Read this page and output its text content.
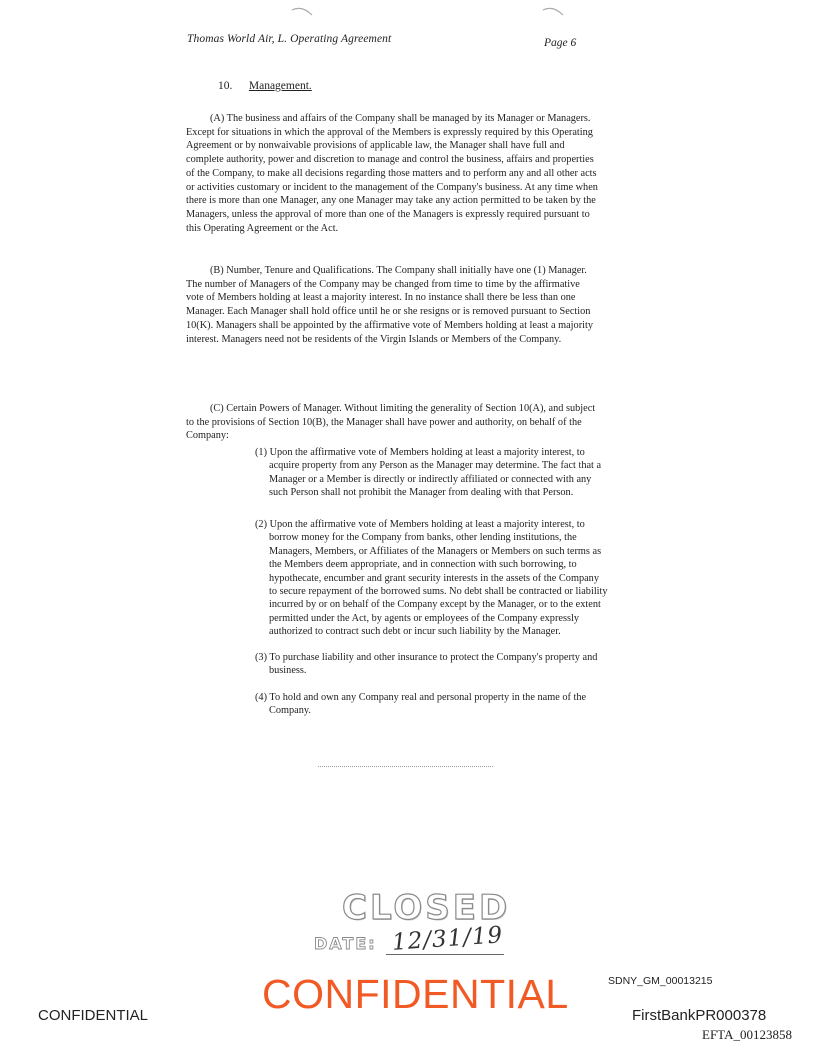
Thomas World Air, L. Operating Agreement	Page 6
10. Management.

(A) The business and affairs of the Company shall be managed by its Manager or Managers. Except for situations in which the approval of the Members is expressly required by this Operating Agreement or by nonwaivable provisions of applicable law, the Manager shall have full and complete authority, power and discretion to manage and control the business, affairs and properties of the Company, to make all decisions regarding those matters and to perform any and all other acts or activities customary or incident to the management of the Company's business. At any time when there is more than one Manager, any one Manager may take any action permitted to be taken by the Managers, unless the approval of more than one of the Managers is expressly required pursuant to this Operating Agreement or the Act.

(B) Number, Tenure and Qualifications. The Company shall initially have one (1) Manager. The number of Managers of the Company may be changed from time to time by the affirmative vote of Members holding at least a majority interest. In no instance shall there be less than one Manager. Each Manager shall hold office until he or she resigns or is removed pursuant to Section 10(K). Managers shall be appointed by the affirmative vote of Members holding at least a majority interest. Managers need not be residents of the Virgin Islands or Members of the Company.

(C) Certain Powers of Manager. Without limiting the generality of Section 10(A), and subject to the provisions of Section 10(B), the Manager shall have power and authority, on behalf of the Company:

(1) Upon the affirmative vote of Members holding at least a majority interest, to acquire property from any Person as the Manager may determine. The fact that a Manager or a Member is directly or indirectly affiliated or connected with any such Person shall not prohibit the Manager from dealing with that Person.

(2) Upon the affirmative vote of Members holding at least a majority interest, to borrow money for the Company from banks, other lending institutions, the Managers, Members, or Affiliates of the Managers or Members on such terms as the Members deem appropriate, and in connection with such borrowing, to hypothecate, encumber and grant security interests in the assets of the Company to secure repayment of the borrowed sums. No debt shall be contracted or liability incurred by or on behalf of the Company except by the Manager, or to the extent permitted under the Act, by agents or employees of the Company expressly authorized to contract such debt or incur such liability by the Manager.

(3) To purchase liability and other insurance to protect the Company's property and business.

(4) To hold and own any Company real and personal property in the name of the Company.

CLOSED
DATE: 12/31/19
SDNY_GM_00013215
CONFIDENTIAL	CONFIDENTIAL	FirstBankPR000378
EFTA_00123858
